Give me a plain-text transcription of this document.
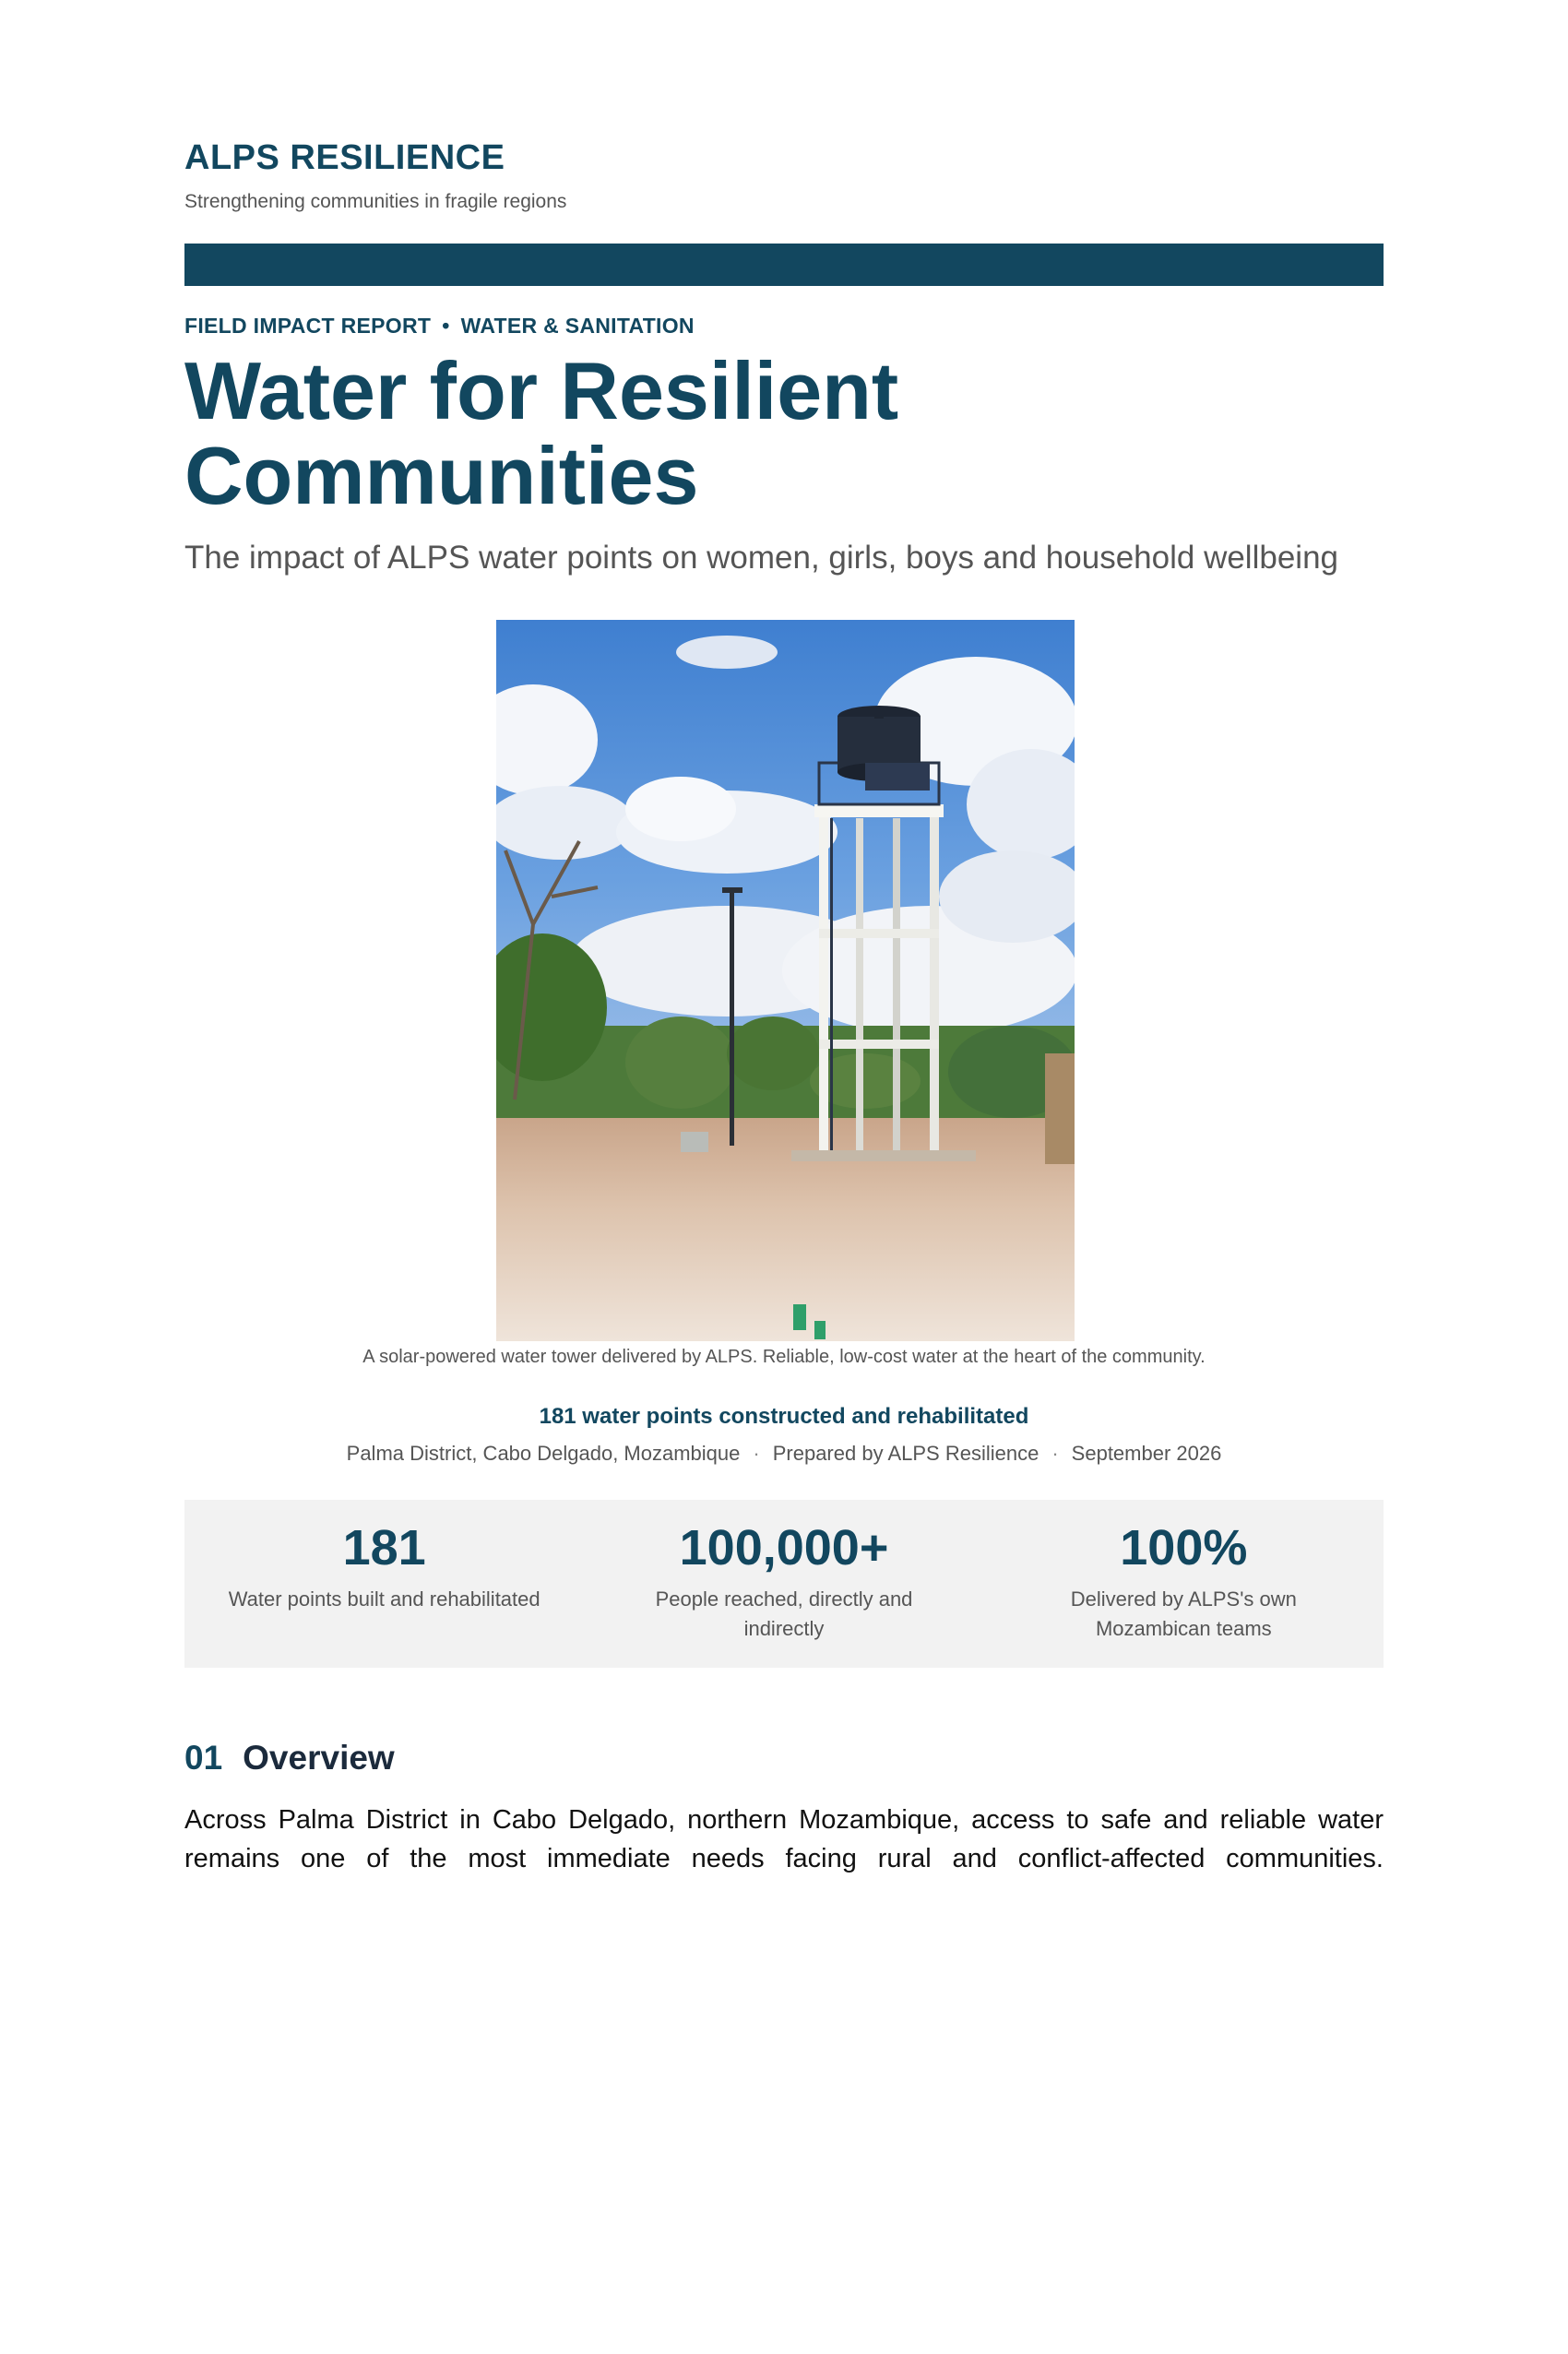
ALPS RESILIENCE
Strengthening communities in fragile regions
FIELD IMPACT REPORT • WATER & SANITATION
Water for Resilient Communities
The impact of ALPS water points on women, girls, boys and household wellbeing
A solar-powered water tower delivered by ALPS. Reliable, low-cost water at the heart of the community.
181 water points constructed and rehabilitated
Palma District, Cabo Delgado, Mozambique · Prepared by ALPS Resilience · September 2026
181
Water points built and rehabilitated
100,000+
People reached, directly and indirectly
100%
Delivered by ALPS's own Mozambican teams
01 Overview

Across Palma District in Cabo Delgado, northern Mozambique, access to safe and reliable water remains one of the most immediate needs facing rural and conflict-affected communities.
